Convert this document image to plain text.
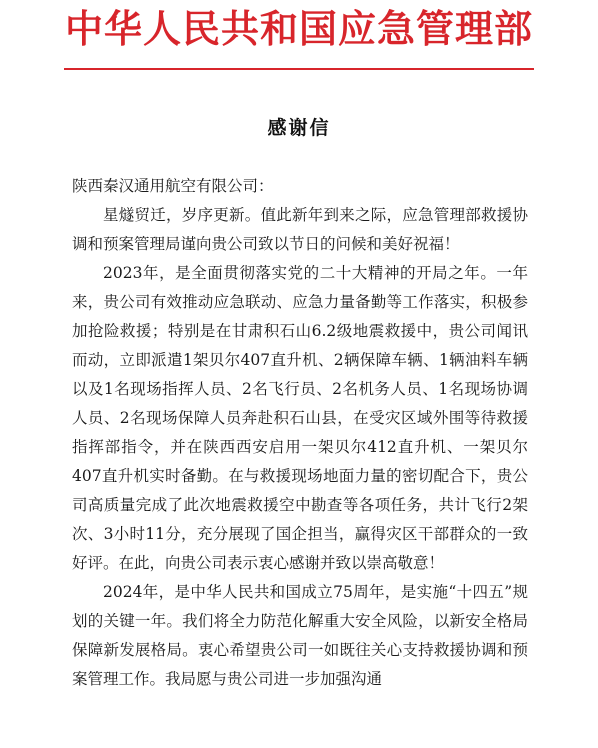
中华人民共和国应急管理部
感谢信

陕西秦汉通用航空有限公司：

星燧贸迁，岁序更新。值此新年到来之际，应急管理部救援协调和预案管理局谨向贵公司致以节日的问候和美好祝福！

2023年，是全面贯彻落实党的二十大精神的开局之年。一年来，贵公司有效推动应急联动、应急力量备勤等工作落实，积极参加抢险救援；特别是在甘肃积石山6.2级地震救援中，贵公司闻讯而动，立即派遣1架贝尔407直升机、2辆保障车辆、1辆油料车辆以及1名现场指挥人员、2名飞行员、2名机务人员、1名现场协调人员、2名现场保障人员奔赴积石山县，在受灾区域外围等待救援指挥部指令，并在陕西西安启用一架贝尔412直升机、一架贝尔407直升机实时备勤。在与救援现场地面力量的密切配合下，贵公司高质量完成了此次地震救援空中勘查等各项任务，共计飞行2架次、3小时11分，充分展现了国企担当，赢得灾区干部群众的一致好评。在此，向贵公司表示衷心感谢并致以崇高敬意！

2024年，是中华人民共和国成立75周年，是实施“十四五”规划的关键一年。我们将全力防范化解重大安全风险，以新安全格局保障新发展格局。衷心希望贵公司一如既往关心支持救援协调和预案管理工作。我局愿与贵公司进一步加强沟通
